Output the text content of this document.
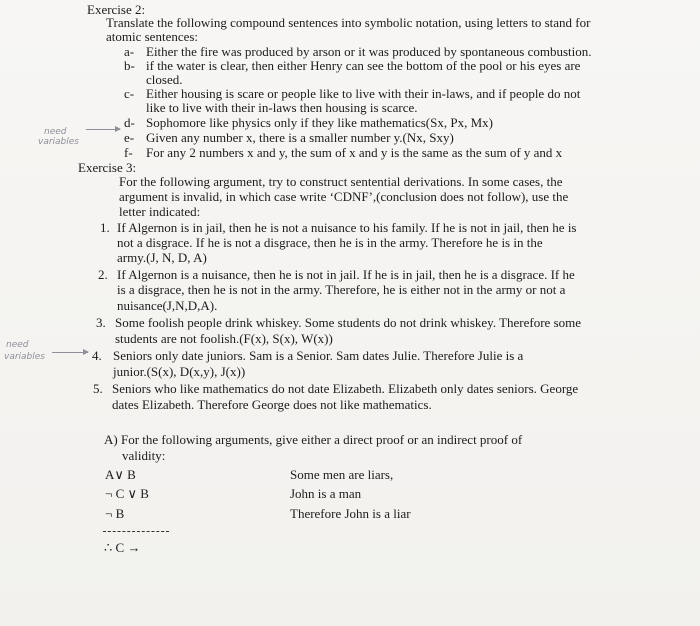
Exercise 2:
Translate the following compound sentences into symbolic notation, using letters to stand for
atomic sentences:
a- Either the fire was produced by arson or it was produced by spontaneous combustion.
b- if the water is clear, then either Henry can see the bottom of the pool or his eyes are
closed.
c- Either housing is scare or people like to live with their in-laws, and if people do not
like to live with their in-laws then housing is scarce.
d- Sophomore like physics only if they like mathematics(Sx, Px, Mx)
e- Given any number x, there is a smaller number y.(Nx, Sxy)
f- For any 2 numbers x and y, the sum of x and y is the same as the sum of y and x
need
variables
Exercise 3:
For the following argument, try to construct sentential derivations. In some cases, the
argument is invalid, in which case write ‘CDNF’,(conclusion does not follow), use the
letter indicated:
1. If Algernon is in jail, then he is not a nuisance to his family. If he is not in jail, then he is
not a disgrace. If he is not a disgrace, then he is in the army. Therefore he is in the
army.(J, N, D, A)
2. If Algernon is a nuisance, then he is not in jail. If he is in jail, then he is a disgrace. If he
is a disgrace, then he is not in the army. Therefore, he is either not in the army or not a
nuisance(J,N,D,A).
3. Some foolish people drink whiskey. Some students do not drink whiskey. Therefore some
students are not foolish.(F(x), S(x), W(x))
4. Seniors only date juniors. Sam is a Senior. Sam dates Julie. Therefore Julie is a
junior.(S(x), D(x,y), J(x))
need
variables
5. Seniors who like mathematics do not date Elizabeth. Elizabeth only dates seniors. George
dates Elizabeth. Therefore George does not like mathematics.
A) For the following arguments, give either a direct proof or an indirect proof of
validity:
A∨ B
¬ C ∨ B
¬ B
Some men are liars,
John is a man
Therefore John is a liar
∴ C →
